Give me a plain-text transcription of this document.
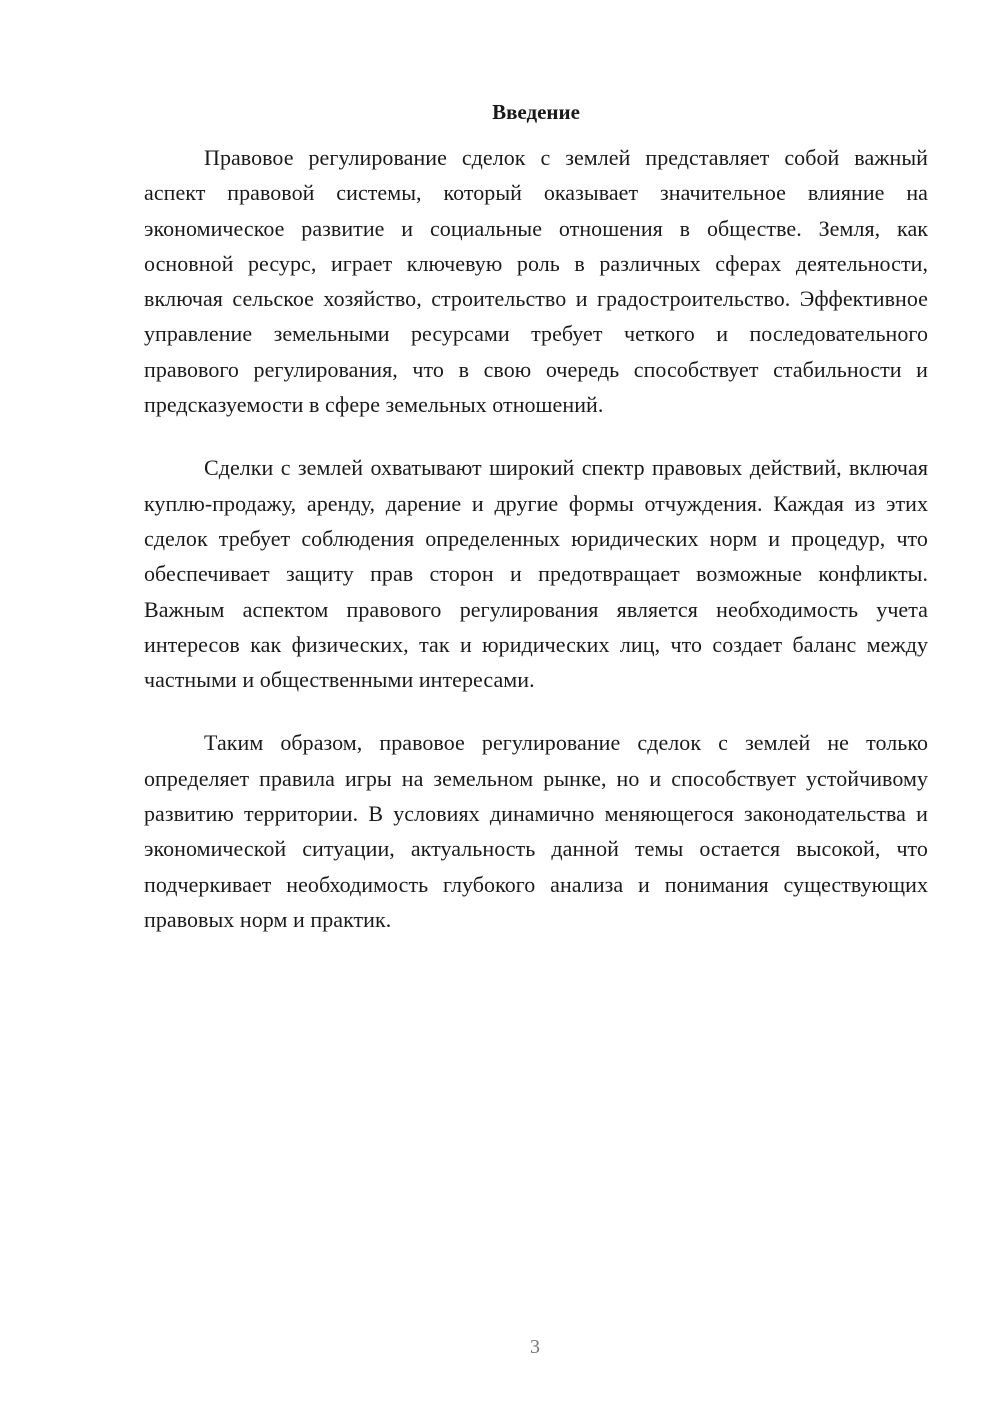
Введение

Правовое регулирование сделок с землей представляет собой важный аспект правовой системы, который оказывает значительное влияние на экономическое развитие и социальные отношения в обществе. Земля, как основной ресурс, играет ключевую роль в различных сферах деятельности, включая сельское хозяйство, строительство и градостроительство. Эффективное управление земельными ресурсами требует четкого и последовательного правового регулирования, что в свою очередь способствует стабильности и предсказуемости в сфере земельных отношений.

Сделки с землей охватывают широкий спектр правовых действий, включая куплю-продажу, аренду, дарение и другие формы отчуждения. Каждая из этих сделок требует соблюдения определенных юридических норм и процедур, что обеспечивает защиту прав сторон и предотвращает возможные конфликты. Важным аспектом правового регулирования является необходимость учета интересов как физических, так и юридических лиц, что создает баланс между частными и общественными интересами.

Таким образом, правовое регулирование сделок с землей не только определяет правила игры на земельном рынке, но и способствует устойчивому развитию территории. В условиях динамично меняющегося законодательства и экономической ситуации, актуальность данной темы остается высокой, что подчеркивает необходимость глубокого анализа и понимания существующих правовых норм и практик.

3
